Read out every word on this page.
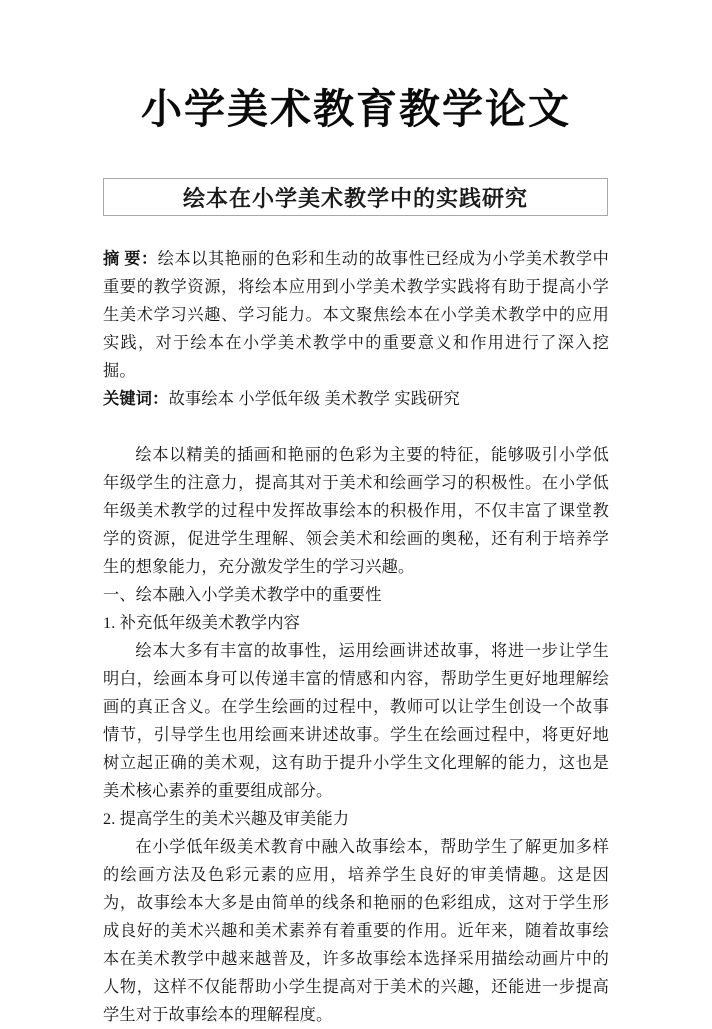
小学美术教育教学论文
绘本在小学美术教学中的实践研究

摘 要：绘本以其艳丽的色彩和生动的故事性已经成为小学美术教学中重要的教学资源，将绘本应用到小学美术教学实践将有助于提高小学生美术学习兴趣、学习能力。本文聚焦绘本在小学美术教学中的应用实践，对于绘本在小学美术教学中的重要意义和作用进行了深入挖掘。

关键词：故事绘本 小学低年级 美术教学 实践研究

绘本以精美的插画和艳丽的色彩为主要的特征，能够吸引小学低年级学生的注意力，提高其对于美术和绘画学习的积极性。在小学低年级美术教学的过程中发挥故事绘本的积极作用，不仅丰富了课堂教学的资源，促进学生理解、领会美术和绘画的奥秘，还有利于培养学生的想象能力，充分激发学生的学习兴趣。

一、绘本融入小学美术教学中的重要性

1. 补充低年级美术教学内容

绘本大多有丰富的故事性，运用绘画讲述故事，将进一步让学生明白，绘画本身可以传递丰富的情感和内容，帮助学生更好地理解绘画的真正含义。在学生绘画的过程中，教师可以让学生创设一个故事情节，引导学生也用绘画来讲述故事。学生在绘画过程中，将更好地树立起正确的美术观，这有助于提升小学生文化理解的能力，这也是美术核心素养的重要组成部分。

2. 提高学生的美术兴趣及审美能力

在小学低年级美术教育中融入故事绘本，帮助学生了解更加多样的绘画方法及色彩元素的应用，培养学生良好的审美情趣。这是因为，故事绘本大多是由简单的线条和艳丽的色彩组成，这对于学生形成良好的美术兴趣和美术素养有着重要的作用。近年来，随着故事绘本在美术教学中越来越普及，许多故事绘本选择采用描绘动画片中的人物，这样不仅能帮助小学生提高对于美术的兴趣，还能进一步提高学生对于故事绘本的理解程度。
